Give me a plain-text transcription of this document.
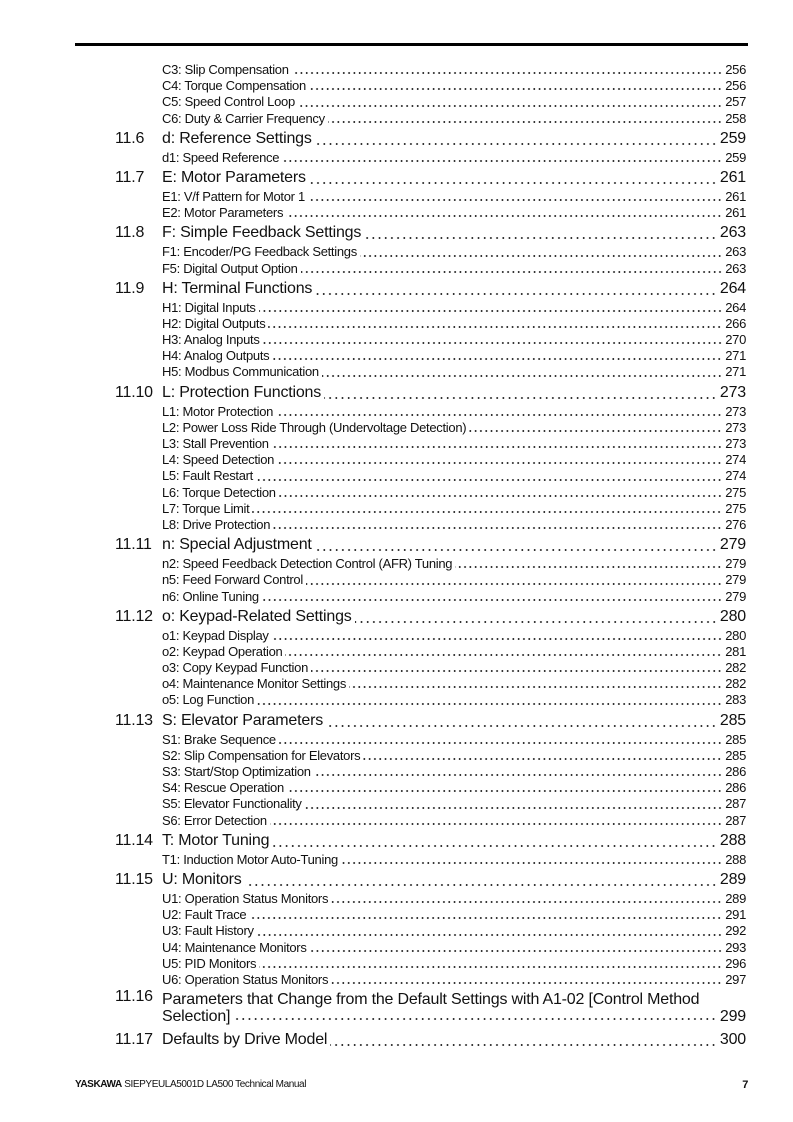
C3: Slip Compensation	256
C4: Torque Compensation	256
C5: Speed Control Loop	257
C6: Duty & Carrier Frequency	258
11.6 d: Reference Settings	259
d1: Speed Reference	259
11.7 E: Motor Parameters	261
E1: V/f Pattern for Motor 1	261
E2: Motor Parameters	261
11.8 F: Simple Feedback Settings	263
F1: Encoder/PG Feedback Settings	263
F5: Digital Output Option	263
11.9 H: Terminal Functions	264
H1: Digital Inputs	264
H2: Digital Outputs	266
H3: Analog Inputs	270
H4: Analog Outputs	271
H5: Modbus Communication	271
11.10 L: Protection Functions	273
L1: Motor Protection	273
L2: Power Loss Ride Through (Undervoltage Detection)	273
L3: Stall Prevention	273
L4: Speed Detection	274
L5: Fault Restart	274
L6: Torque Detection	275
L7: Torque Limit	275
L8: Drive Protection	276
11.11 n: Special Adjustment	279
n2: Speed Feedback Detection Control (AFR) Tuning	279
n5: Feed Forward Control	279
n6: Online Tuning	279
11.12 o: Keypad-Related Settings	280
o1: Keypad Display	280
o2: Keypad Operation	281
o3: Copy Keypad Function	282
o4: Maintenance Monitor Settings	282
o5: Log Function	283
11.13 S: Elevator Parameters	285
S1: Brake Sequence	285
S2: Slip Compensation for Elevators	285
S3: Start/Stop Optimization	286
S4: Rescue Operation	286
S5: Elevator Functionality	287
S6: Error Detection	287
11.14 T: Motor Tuning	288
T1: Induction Motor Auto-Tuning	288
11.15 U: Monitors	289
U1: Operation Status Monitors	289
U2: Fault Trace	291
U3: Fault History	292
U4: Maintenance Monitors	293
U5: PID Monitors	296
U6: Operation Status Monitors	297
11.16 Parameters that Change from the Default Settings with A1-02 [Control Method
Selection]	299
11.17 Defaults by Drive Model	300
YASKAWA SIEPYEULA5001D LA500 Technical Manual	7
